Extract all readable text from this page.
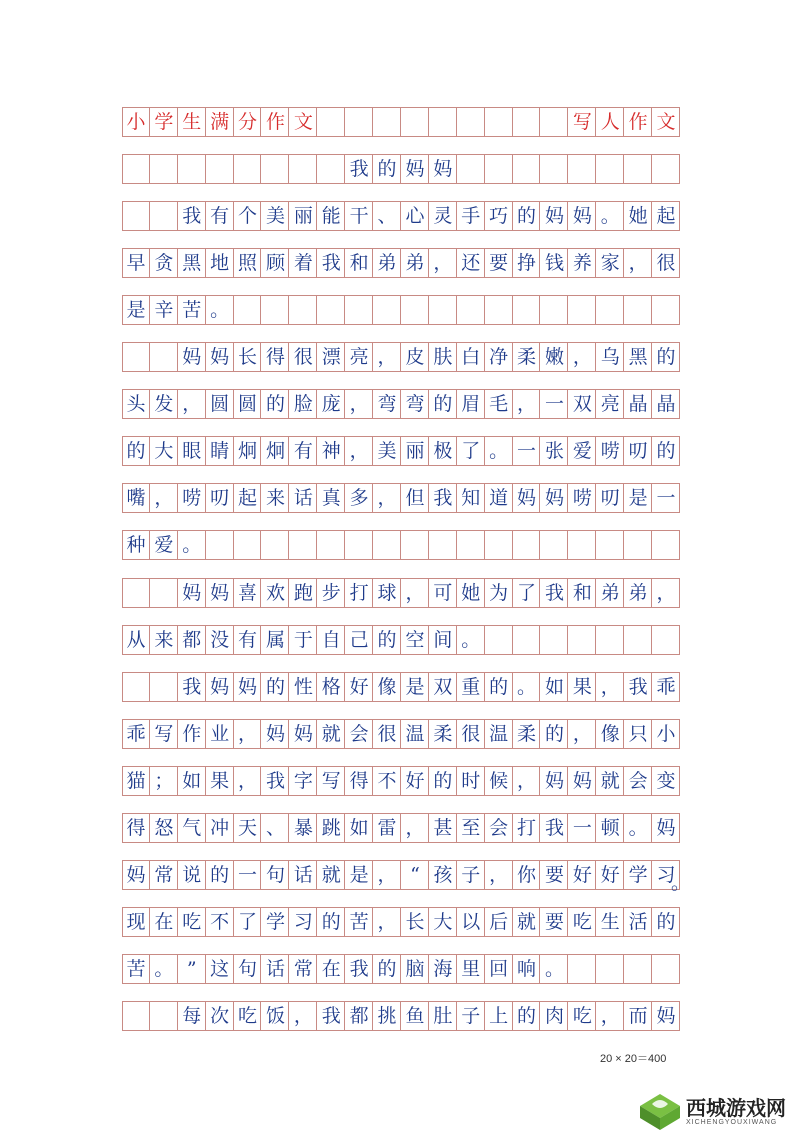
小 学 生 满 分 作 文	写 人 作 文
我 的 妈 妈
我 有 个 美 丽 能 干 、 心 灵 手 巧 的 妈 妈 。 她 起
早 贪 黑 地 照 顾 着 我 和 弟 弟 ， 还 要 挣 钱 养 家 ， 很
是 辛 苦 。
妈 妈 长 得 很 漂 亮 ， 皮 肤 白 净 柔 嫩 ， 乌 黑 的
头 发 ， 圆 圆 的 脸 庞 ， 弯 弯 的 眉 毛 ， 一 双 亮 晶 晶
的 大 眼 睛 炯 炯 有 神 ， 美 丽 极 了 。 一 张 爱 唠 叨 的
嘴 ， 唠 叨 起 来 话 真 多 ， 但 我 知 道 妈 妈 唠 叨 是 一
种 爱 。
妈 妈 喜 欢 跑 步 打 球 ， 可 她 为 了 我 和 弟 弟 ，
从 来 都 没 有 属 于 自 己 的 空 间 。
我 妈 妈 的 性 格 好 像 是 双 重 的 。 如 果 ， 我 乖
乖 写 作 业 ， 妈 妈 就 会 很 温 柔 很 温 柔 的 ， 像 只 小
猫 ； 如 果 ， 我 字 写 得 不 好 的 时 候 ， 妈 妈 就 会 变
得 怒 气 冲 天 、 暴 跳 如 雷 ， 甚 至 会 打 我 一 顿 。 妈
妈 常 说 的 一 句 话 就 是 ， “ 孩 子 ， 你 要 好 好 学 习
。
现 在 吃 不 了 学 习 的 苦 ， 长 大 以 后 就 要 吃 生 活 的
苦 。 ” 这 句 话 常 在 我 的 脑 海 里 回 响 。
每 次 吃 饭 ， 我 都 挑 鱼 肚 子 上 的 肉 吃 ， 而 妈
20 × 20＝400
西城游戏网
XICHENGYOUXIWANG
